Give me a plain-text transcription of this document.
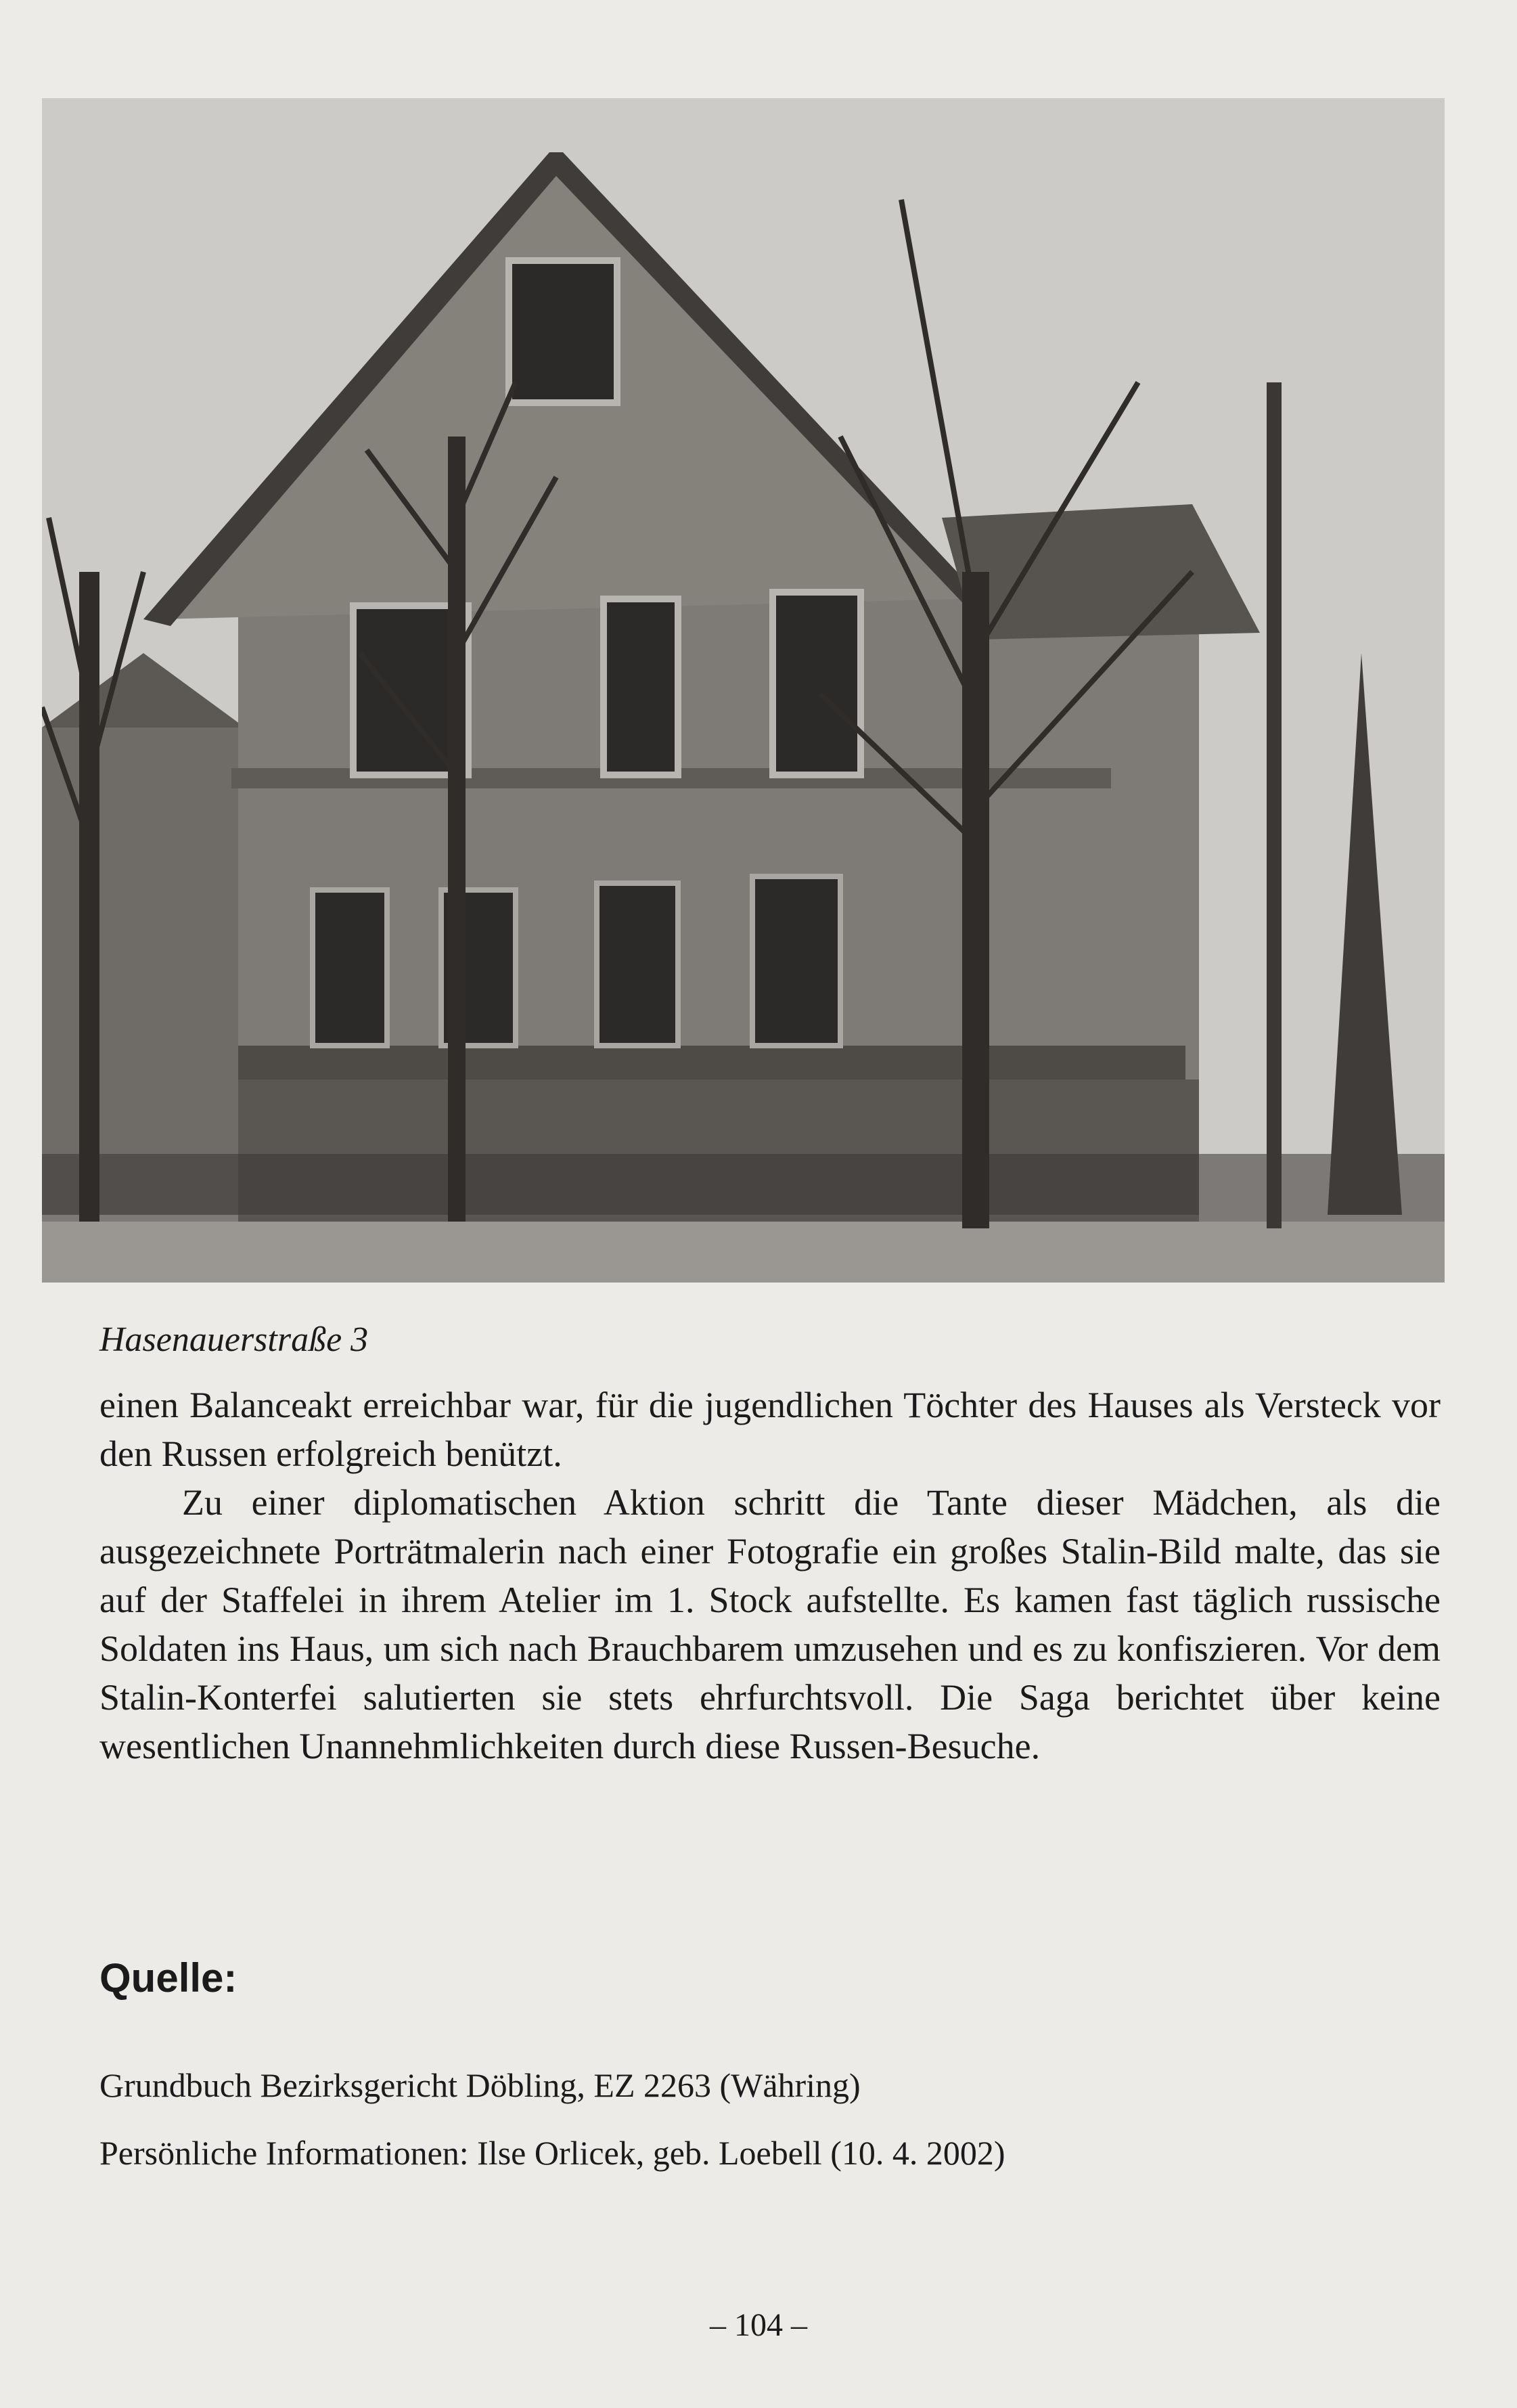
Hasenauerstraße 3

einen Balanceakt erreichbar war, für die jugendlichen Töchter des Hauses als Versteck vor den Russen erfolgreich benützt.

Zu einer diplomatischen Aktion schritt die Tante dieser Mädchen, als die ausgezeichnete Porträtmalerin nach einer Fotografie ein großes Stalin-Bild malte, das sie auf der Staffelei in ihrem Atelier im 1. Stock aufstellte. Es kamen fast täglich russische Soldaten ins Haus, um sich nach Brauchbarem umzusehen und es zu konfiszieren. Vor dem Stalin-Konterfei salutierten sie stets ehrfurchtsvoll. Die Saga berichtet über keine wesentlichen Unannehmlichkeiten durch diese Russen-Besuche.

Quelle:

Grundbuch Bezirksgericht Döbling, EZ 2263 (Währing)

Persönliche Informationen: Ilse Orlicek, geb. Loebell (10. 4. 2002)

– 104 –
